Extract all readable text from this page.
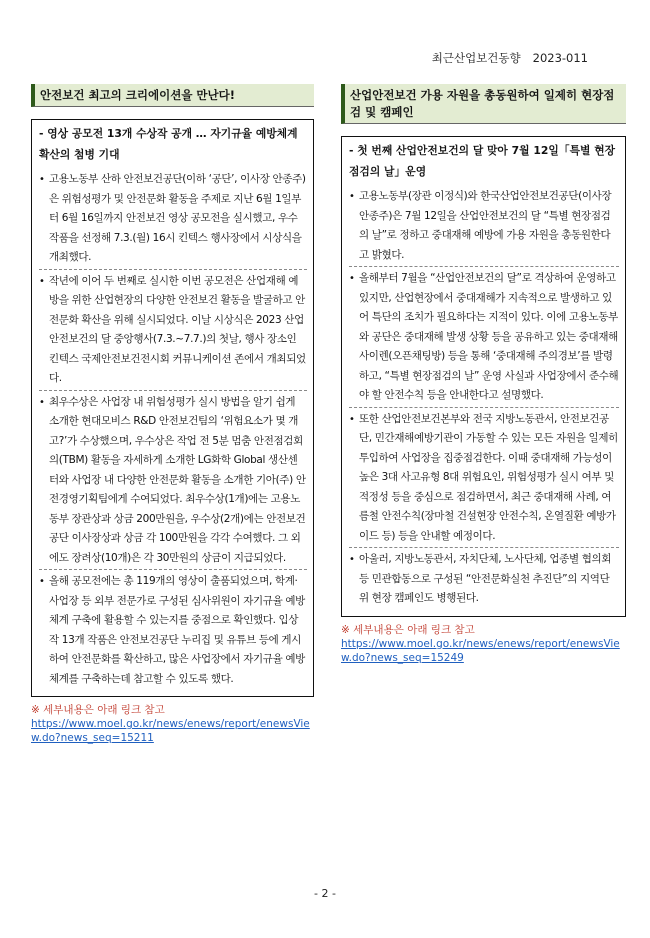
최근산업보건동향 2023-011
안전보건 최고의 크리에이션을 만난다!
- 영상 공모전 13개 수상작 공개 … 자기규율 예방체계 확산의 첨병 기대
• 고용노동부 산하 안전보건공단(이하 ‘공단’, 이사장 안종주)은 위험성평가 및 안전문화 활동을 주제로 지난 6월 1일부터 6월 16일까지 안전보건 영상 공모전을 실시했고, 우수작품을 선정해 7.3.(월) 16시 킨텍스 행사장에서 시상식을 개최했다.
• 작년에 이어 두 번째로 실시한 이번 공모전은 산업재해 예방을 위한 산업현장의 다양한 안전보건 활동을 발굴하고 안전문화 확산을 위해 실시되었다. 이날 시상식은 2023 산업안전보건의 달 중앙행사(7.3.~7.7.)의 첫날, 행사 장소인 킨텍스 국제안전보건전시회 커뮤니케이션 존에서 개최되었다.
• 최우수상은 사업장 내 위험성평가 실시 방법을 알기 쉽게 소개한 현대모비스 R&D 안전보건팀의 ‘위험요소가 몇 개고?’가 수상했으며, 우수상은 작업 전 5분 멈춤 안전점검회의(TBM) 활동을 자세하게 소개한 LG화학 Global 생산센터와 사업장 내 다양한 안전문화 활동을 소개한 기아(주) 안전경영기획팀에게 수여되었다. 최우수상(1개)에는 고용노동부 장관상과 상금 200만원을, 우수상(2개)에는 안전보건공단 이사장상과 상금 각 100만원을 각각 수여했다. 그 외에도 장려상(10개)은 각 30만원의 상금이 지급되었다.
• 올해 공모전에는 총 119개의 영상이 출품되었으며, 학계·사업장 등 외부 전문가로 구성된 심사위원이 자기규율 예방체계 구축에 활용할 수 있는지를 중점으로 확인했다. 입상작 13개 작품은 안전보건공단 누리집 및 유튜브 등에 게시하여 안전문화를 확산하고, 많은 사업장에서 자기규율 예방체계를 구축하는데 참고할 수 있도록 했다.
※ 세부내용은 아래 링크 참고
https://www.moel.go.kr/news/enews/report/enewsView.do?news_seq=15211
산업안전보건 가용 자원을 총동원하여 일제히 현장점검 및 캠페인
- 첫 번째 산업안전보건의 달 맞아 7월 12일「특별 현장점검의 날」운영
• 고용노동부(장관 이정식)와 한국산업안전보건공단(이사장 안종주)은 7월 12일을 산업안전보건의 달 “특별 현장점검의 날”로 정하고 중대재해 예방에 가용 자원을 총동원한다고 밝혔다.
• 올해부터 7월을 “산업안전보건의 달”로 격상하여 운영하고 있지만, 산업현장에서 중대재해가 지속적으로 발생하고 있어 특단의 조치가 필요하다는 지적이 있다. 이에 고용노동부와 공단은 중대재해 발생 상황 등을 공유하고 있는 중대재해 사이렌(오픈채팅방) 등을 통해 ‘중대재해 주의경보’를 발령하고, “특별 현장점검의 날” 운영 사실과 사업장에서 준수해야 할 안전수칙 등을 안내한다고 설명했다.
• 또한 산업안전보건본부와 전국 지방노동관서, 안전보건공단, 민간재해예방기관이 가동할 수 있는 모든 자원을 일제히 투입하여 사업장을 집중점검한다. 이때 중대재해 가능성이 높은 3대 사고유형 8대 위험요인, 위험성평가 실시 여부 및 적정성 등을 중심으로 점검하면서, 최근 중대재해 사례, 여름철 안전수칙(장마철 건설현장 안전수칙, 온열질환 예방가이드 등) 등을 안내할 예정이다.
• 아울러, 지방노동관서, 자치단체, 노사단체, 업종별 협의회 등 민관합동으로 구성된 “안전문화실천 추진단”의 지역단위 현장 캠페인도 병행된다.
※ 세부내용은 아래 링크 참고
https://www.moel.go.kr/news/enews/report/enewsView.do?news_seq=15249
- 2 -
